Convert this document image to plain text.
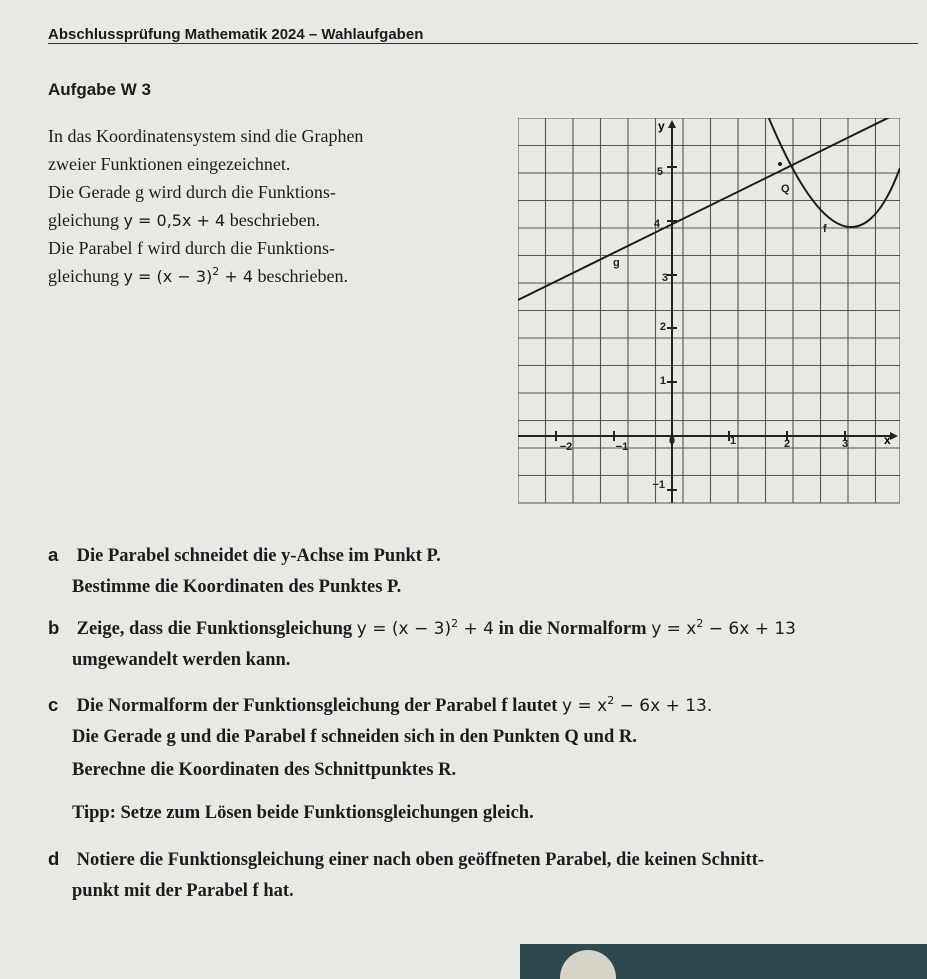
Abschlussprüfung Mathematik 2024 – Wahlaufgaben
Aufgabe W 3
In das Koordinatensystem sind die Graphen
zweier Funktionen eingezeichnet.
Die Gerade g wird durch die Funktions-
gleichung y = 0,5x + 4 beschrieben.
Die Parabel f wird durch die Funktions-
gleichung $y = (x - 3)^2 + 4$ beschrieben.
y
x
−2	−1	0	1	2	3
5
4
3
2
1
−1
g
f
Q
a Die Parabel schneidet die y-Achse im Punkt P.
Bestimme die Koordinaten des Punktes P.
b Zeige, dass die Funktionsgleichung $y = (x - 3)^2 + 4$ in die Normalform $y = x^2 - 6x + 13$
umgewandelt werden kann.
c Die Normalform der Funktionsgleichung der Parabel f lautet $y = x^2 - 6x + 13$.
Die Gerade g und die Parabel f schneiden sich in den Punkten Q und R.
Berechne die Koordinaten des Schnittpunktes R.
Tipp: Setze zum Lösen beide Funktionsgleichungen gleich.
d Notiere die Funktionsgleichung einer nach oben geöffneten Parabel, die keinen Schnitt-
punkt mit der Parabel f hat.
